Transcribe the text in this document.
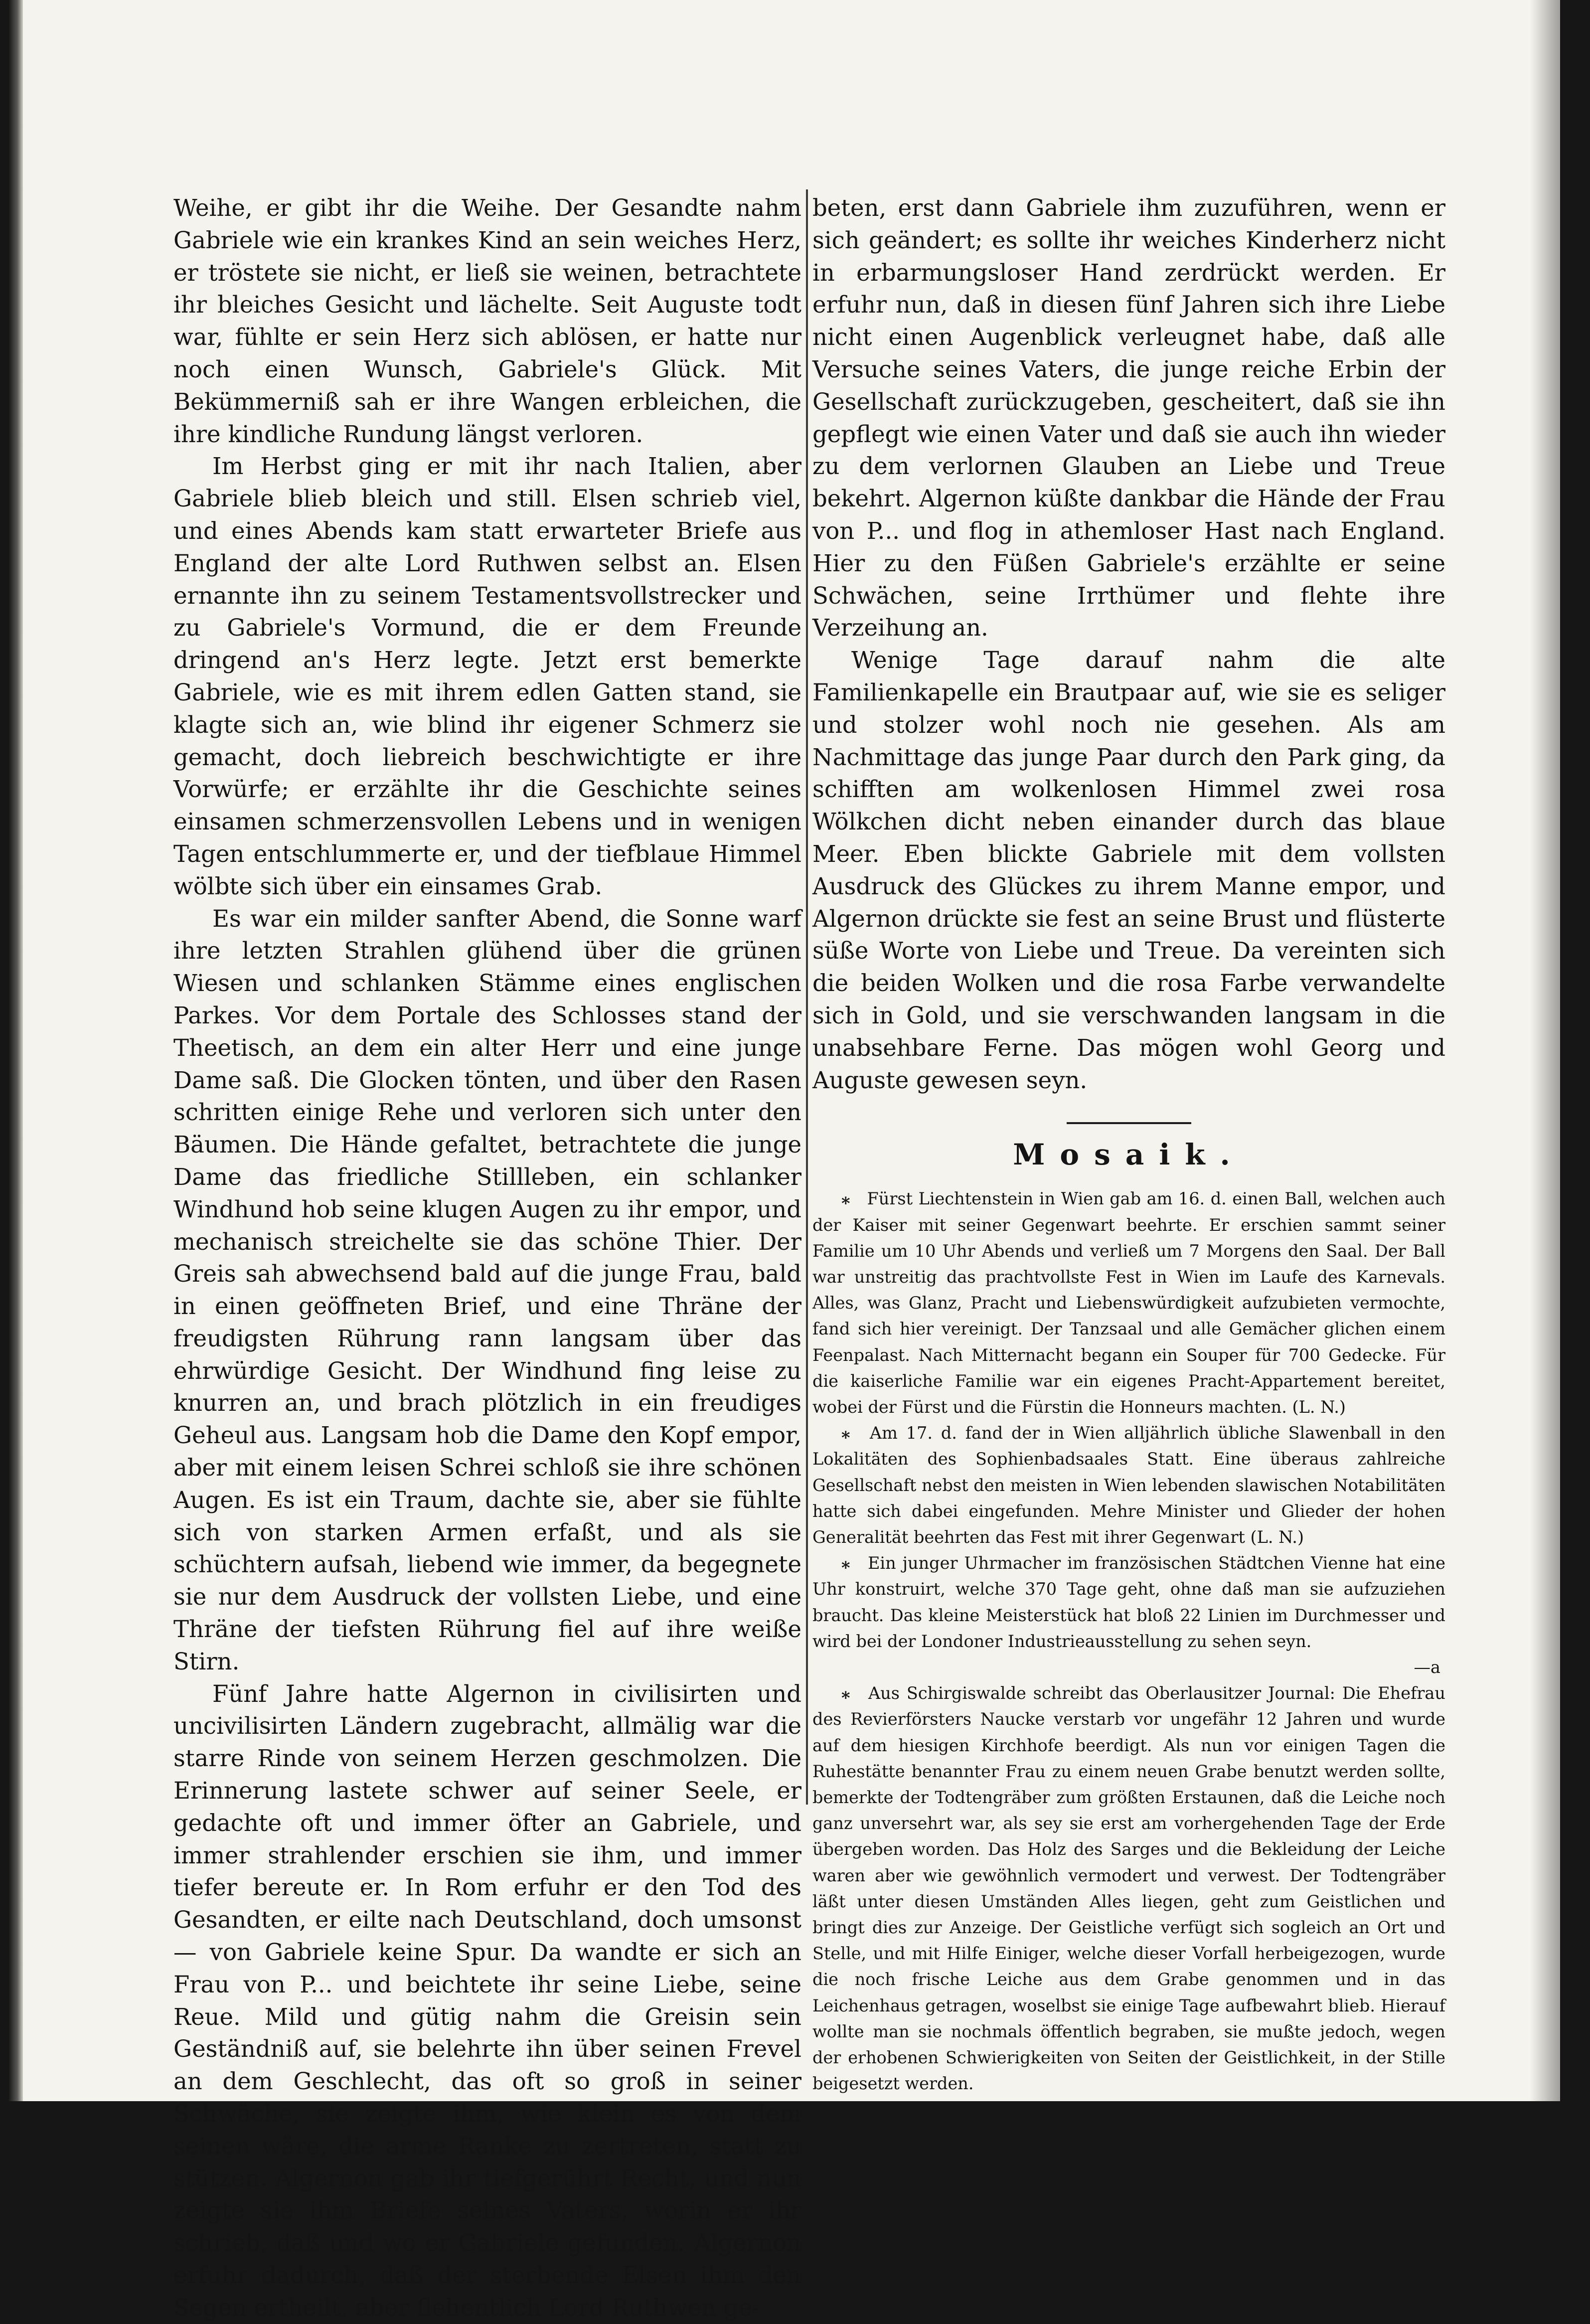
Weihe, er gibt ihr die Weihe. Der Gesandte nahm Gabriele wie ein krankes Kind an sein weiches Herz, er tröstete sie nicht, er ließ sie weinen, betrachtete ihr bleiches Gesicht und lächelte. Seit Auguste todt war, fühlte er sein Herz sich ablösen, er hatte nur noch einen Wunsch, Gabriele's Glück. Mit Bekümmerniß sah er ihre Wangen erbleichen, die ihre kindliche Rundung längst verloren.

Im Herbst ging er mit ihr nach Italien, aber Gabriele blieb bleich und still. Elsen schrieb viel, und eines Abends kam statt erwarteter Briefe aus England der alte Lord Ruthwen selbst an. Elsen ernannte ihn zu seinem Testamentsvollstrecker und zu Gabriele's Vormund, die er dem Freunde dringend an's Herz legte. Jetzt erst bemerkte Gabriele, wie es mit ihrem edlen Gatten stand, sie klagte sich an, wie blind ihr eigener Schmerz sie gemacht, doch liebreich beschwichtigte er ihre Vorwürfe; er erzählte ihr die Geschichte seines einsamen schmerzensvollen Lebens und in wenigen Tagen entschlummerte er, und der tiefblaue Himmel wölbte sich über ein einsames Grab.

Es war ein milder sanfter Abend, die Sonne warf ihre letzten Strahlen glühend über die grünen Wiesen und schlanken Stämme eines englischen Parkes. Vor dem Portale des Schlosses stand der Theetisch, an dem ein alter Herr und eine junge Dame saß. Die Glocken tönten, und über den Rasen schritten einige Rehe und verloren sich unter den Bäumen. Die Hände gefaltet, betrachtete die junge Dame das friedliche Stillleben, ein schlanker Windhund hob seine klugen Augen zu ihr empor, und mechanisch streichelte sie das schöne Thier. Der Greis sah abwechsend bald auf die junge Frau, bald in einen geöffneten Brief, und eine Thräne der freudigsten Rührung rann langsam über das ehrwürdige Gesicht. Der Windhund fing leise zu knurren an, und brach plötzlich in ein freudiges Geheul aus. Langsam hob die Dame den Kopf empor, aber mit einem leisen Schrei schloß sie ihre schönen Augen. Es ist ein Traum, dachte sie, aber sie fühlte sich von starken Armen erfaßt, und als sie schüchtern aufsah, liebend wie immer, da begegnete sie nur dem Ausdruck der vollsten Liebe, und eine Thräne der tiefsten Rührung fiel auf ihre weiße Stirn.

Fünf Jahre hatte Algernon in civilisirten und uncivilisirten Ländern zugebracht, allmälig war die starre Rinde von seinem Herzen geschmolzen. Die Erinnerung lastete schwer auf seiner Seele, er gedachte oft und immer öfter an Gabriele, und immer strahlender erschien sie ihm, und immer tiefer bereute er. In Rom erfuhr er den Tod des Gesandten, er eilte nach Deutschland, doch umsonst — von Gabriele keine Spur. Da wandte er sich an Frau von P... und beichtete ihr seine Liebe, seine Reue. Mild und gütig nahm die Greisin sein Geständniß auf, sie belehrte ihn über seinen Frevel an dem Geschlecht, das oft so groß in seiner Schwäche, sie zeigte ihm, wie klein es von dem seinen wäre, die arme Ranke zu zertreten, statt zu stützen. Algernon gab ihr tiefgerührt Recht, und nun zeigte sie ihm Briefe seines Vaters, worin er ihr schrieb, daß und wo er Gabriele gefunden. Algernon erfuhr dadurch, daß der sterbende Elsen ihm den Segen ertheilt, aber flehentlich Lord Ruthwen ge-

beten, erst dann Gabriele ihm zuzuführen, wenn er sich geändert; es sollte ihr weiches Kinderherz nicht in erbarmungsloser Hand zerdrückt werden. Er erfuhr nun, daß in diesen fünf Jahren sich ihre Liebe nicht einen Augenblick verleugnet habe, daß alle Versuche seines Vaters, die junge reiche Erbin der Gesellschaft zurückzugeben, gescheitert, daß sie ihn gepflegt wie einen Vater und daß sie auch ihn wieder zu dem verlornen Glauben an Liebe und Treue bekehrt. Algernon küßte dankbar die Hände der Frau von P... und flog in athemloser Hast nach England. Hier zu den Füßen Gabriele's erzählte er seine Schwächen, seine Irrthümer und flehte ihre Verzeihung an.

Wenige Tage darauf nahm die alte Familienkapelle ein Brautpaar auf, wie sie es seliger und stolzer wohl noch nie gesehen. Als am Nachmittage das junge Paar durch den Park ging, da schifften am wolkenlosen Himmel zwei rosa Wölkchen dicht neben einander durch das blaue Meer. Eben blickte Gabriele mit dem vollsten Ausdruck des Glückes zu ihrem Manne empor, und Algernon drückte sie fest an seine Brust und flüsterte süße Worte von Liebe und Treue. Da vereinten sich die beiden Wolken und die rosa Farbe verwandelte sich in Gold, und sie verschwanden langsam in die unabsehbare Ferne. Das mögen wohl Georg und Auguste gewesen seyn.

Mosaik.

⁎ Fürst Liechtenstein in Wien gab am 16. d. einen Ball, welchen auch der Kaiser mit seiner Gegenwart beehrte. Er erschien sammt seiner Familie um 10 Uhr Abends und verließ um 7 Morgens den Saal. Der Ball war unstreitig das prachtvollste Fest in Wien im Laufe des Karnevals. Alles, was Glanz, Pracht und Liebenswürdigkeit aufzubieten vermochte, fand sich hier vereinigt. Der Tanzsaal und alle Gemächer glichen einem Feenpalast. Nach Mitternacht begann ein Souper für 700 Gedecke. Für die kaiserliche Familie war ein eigenes Pracht-Appartement bereitet, wobei der Fürst und die Fürstin die Honneurs machten. (L. N.)

⁎ Am 17. d. fand der in Wien alljährlich übliche Slawenball in den Lokalitäten des Sophienbadsaales Statt. Eine überaus zahlreiche Gesellschaft nebst den meisten in Wien lebenden slawischen Notabilitäten hatte sich dabei eingefunden. Mehre Minister und Glieder der hohen Generalität beehrten das Fest mit ihrer Gegenwart (L. N.)

⁎ Ein junger Uhrmacher im französischen Städtchen Vienne hat eine Uhr konstruirt, welche 370 Tage geht, ohne daß man sie aufzuziehen braucht. Das kleine Meisterstück hat bloß 22 Linien im Durchmesser und wird bei der Londoner Industrieausstellung zu sehen seyn.
—a

⁎ Aus Schirgiswalde schreibt das Oberlausitzer Journal: Die Ehefrau des Revierförsters Naucke verstarb vor ungefähr 12 Jahren und wurde auf dem hiesigen Kirchhofe beerdigt. Als nun vor einigen Tagen die Ruhestätte benannter Frau zu einem neuen Grabe benutzt werden sollte, bemerkte der Todtengräber zum größten Erstaunen, daß die Leiche noch ganz unversehrt war, als sey sie erst am vorhergehenden Tage der Erde übergeben worden. Das Holz des Sarges und die Bekleidung der Leiche waren aber wie gewöhnlich vermodert und verwest. Der Todtengräber läßt unter diesen Umständen Alles liegen, geht zum Geistlichen und bringt dies zur Anzeige. Der Geistliche verfügt sich sogleich an Ort und Stelle, und mit Hilfe Einiger, welche dieser Vorfall herbeigezogen, wurde die noch frische Leiche aus dem Grabe genommen und in das Leichenhaus getragen, woselbst sie einige Tage aufbewahrt blieb. Hierauf wollte man sie nochmals öffentlich begraben, sie mußte jedoch, wegen der erhobenen Schwierigkeiten von Seiten der Geistlichkeit, in der Stille beigesetzt werden.
